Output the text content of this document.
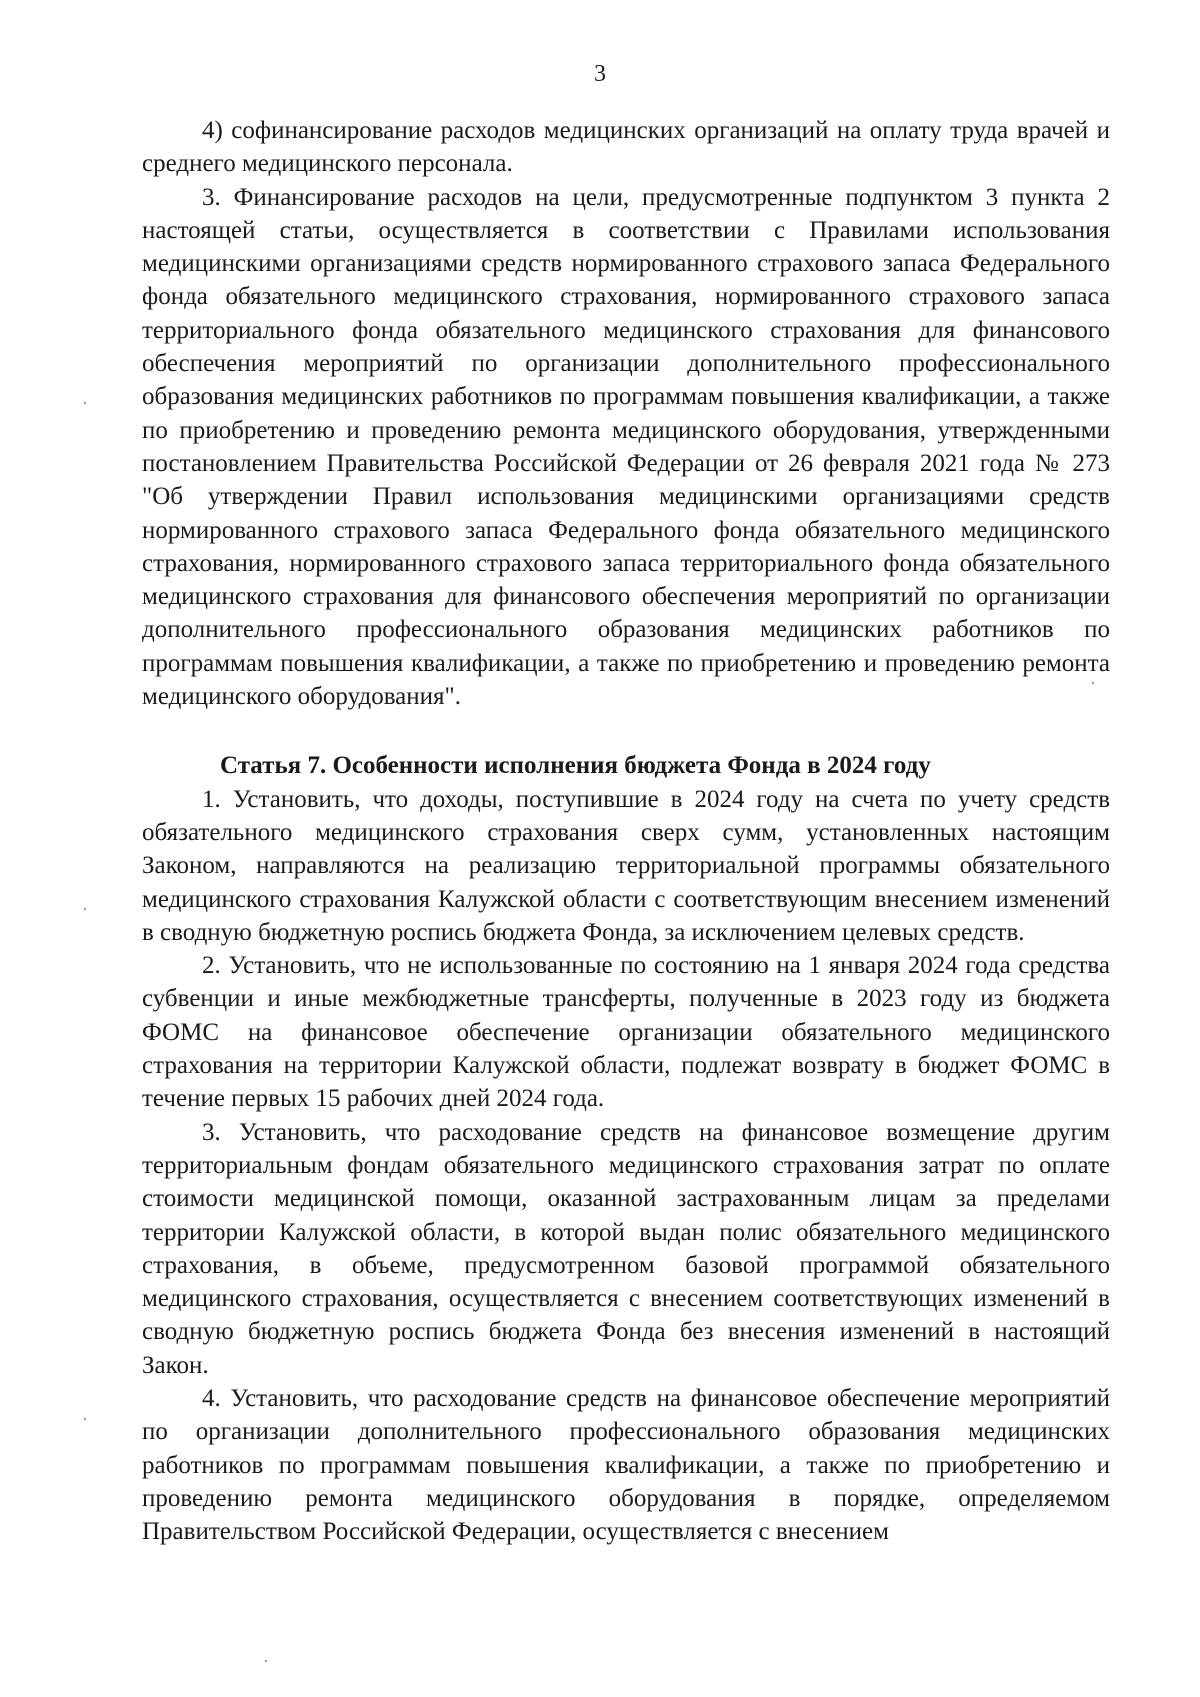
3

4) софинансирование расходов медицинских организаций на оплату труда врачей и среднего медицинского персонала.

3. Финансирование расходов на цели, предусмотренные подпунктом 3 пункта 2 настоящей статьи, осуществляется в соответствии с Правилами использования медицинскими организациями средств нормированного страхового запаса Федерального фонда обязательного медицинского страхования, нормированного страхового запаса территориального фонда обязательного медицинского страхования для финансового обеспечения мероприятий по организации дополнительного профессионального образования медицинских работников по программам повышения квалификации, а также по приобретению и проведению ремонта медицинского оборудования, утвержденными постановлением Правительства Российской Федерации от 26 февраля 2021 года № 273 "Об утверждении Правил использования медицинскими организациями средств нормированного страхового запаса Федерального фонда обязательного медицинского страхования, нормированного страхового запаса территориального фонда обязательного медицинского страхования для финансового обеспечения мероприятий по организации дополнительного профессионального образования медицинских работников по программам повышения квалификации, а также по приобретению и проведению ремонта медицинского оборудования".

Статья 7. Особенности исполнения бюджета Фонда в 2024 году

1. Установить, что доходы, поступившие в 2024 году на счета по учету средств обязательного медицинского страхования сверх сумм, установленных настоящим Законом, направляются на реализацию территориальной программы обязательного медицинского страхования Калужской области с соответствующим внесением изменений в сводную бюджетную роспись бюджета Фонда, за исключением целевых средств.

2. Установить, что не использованные по состоянию на 1 января 2024 года средства субвенции и иные межбюджетные трансферты, полученные в 2023 году из бюджета ФОМС на финансовое обеспечение организации обязательного медицинского страхования на территории Калужской области, подлежат возврату в бюджет ФОМС в течение первых 15 рабочих дней 2024 года.

3. Установить, что расходование средств на финансовое возмещение другим территориальным фондам обязательного медицинского страхования затрат по оплате стоимости медицинской помощи, оказанной застрахованным лицам за пределами территории Калужской области, в которой выдан полис обязательного медицинского страхования, в объеме, предусмотренном базовой программой обязательного медицинского страхования, осуществляется с внесением соответствующих изменений в сводную бюджетную роспись бюджета Фонда без внесения изменений в настоящий Закон.

4. Установить, что расходование средств на финансовое обеспечение мероприятий по организации дополнительного профессионального образования медицинских работников по программам повышения квалификации, а также по приобретению и проведению ремонта медицинского оборудования в порядке, определяемом Правительством Российской Федерации, осуществляется с внесением
